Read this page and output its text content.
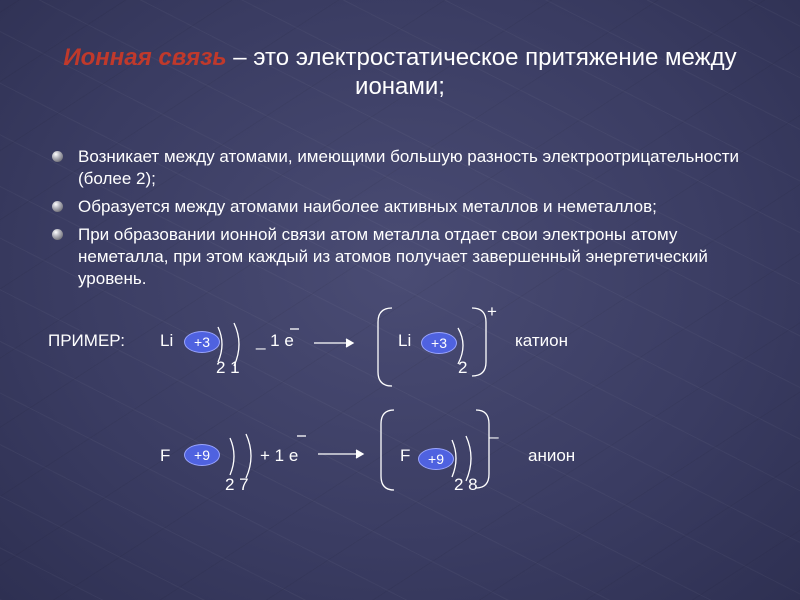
Ионная связь – это электростатическое притяжение между ионами;
Возникает между атомами, имеющими большую разность электроотрицательности (более 2);
Образуется между атомами наиболее активных металлов и неметаллов;
При образовании ионной связи атом металла отдает свои электроны атому неметалла, при этом каждый из атомов получает завершенный энергетический уровень.
ПРИМЕР: Li	+3
2 1
_ 1 e	Li	+3
2
+
катион
F	+9
2 7
+ 1 e	F	+9
2 8
_
анион
